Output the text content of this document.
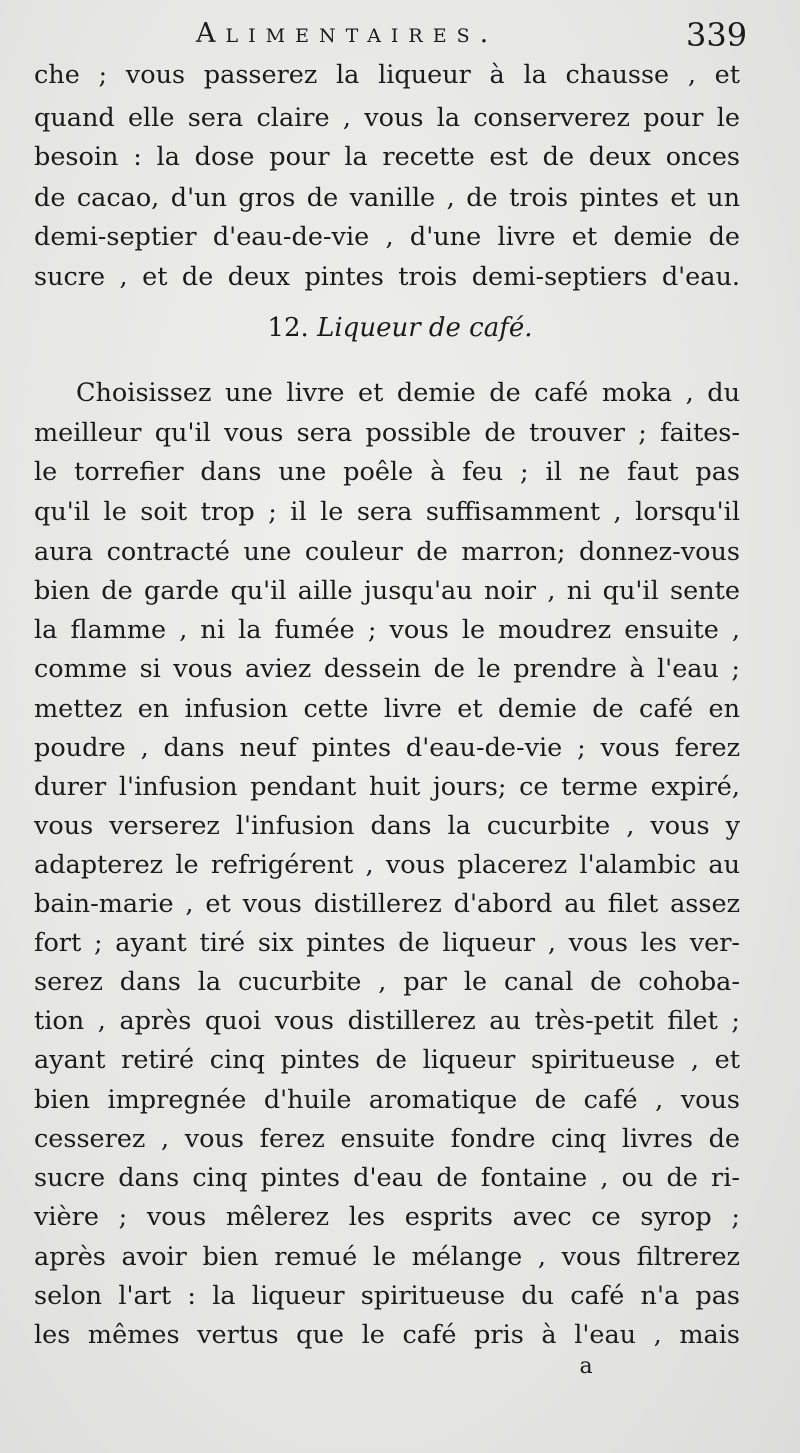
Alimentaires.	339
che ; vous passerez la liqueur à la chausse , et
quand elle sera claire , vous la conserverez pour le
besoin : la dose pour la recette est de deux onces
de cacao, d'un gros de vanille , de trois pintes et un
demi-septier d'eau-de-vie , d'une livre et demie de
sucre , et de deux pintes trois demi-septiers d'eau.
12. Liqueur de café.
Choisissez une livre et demie de café moka , du
meilleur qu'il vous sera possible de trouver ; faites-
le torrefier dans une poêle à feu ; il ne faut pas
qu'il le soit trop ; il le sera suffisamment , lorsqu'il
aura contracté une couleur de marron; donnez-vous
bien de garde qu'il aille jusqu'au noir , ni qu'il sente
la flamme , ni la fumée ; vous le moudrez ensuite ,
comme si vous aviez dessein de le prendre à l'eau ;
mettez en infusion cette livre et demie de café en
poudre , dans neuf pintes d'eau-de-vie ; vous ferez
durer l'infusion pendant huit jours; ce terme expiré,
vous verserez l'infusion dans la cucurbite , vous y
adapterez le refrigérent , vous placerez l'alambic au
bain-marie , et vous distillerez d'abord au filet assez
fort ; ayant tiré six pintes de liqueur , vous les ver-
serez dans la cucurbite , par le canal de cohoba-
tion , après quoi vous distillerez au très-petit filet ;
ayant retiré cinq pintes de liqueur spiritueuse , et
bien impregnée d'huile aromatique de café , vous
cesserez , vous ferez ensuite fondre cinq livres de
sucre dans cinq pintes d'eau de fontaine , ou de ri-
vière ; vous mêlerez les esprits avec ce syrop ;
après avoir bien remué le mélange , vous filtrerez
selon l'art : la liqueur spiritueuse du café n'a pas
les mêmes vertus que le café pris à l'eau , mais
a
